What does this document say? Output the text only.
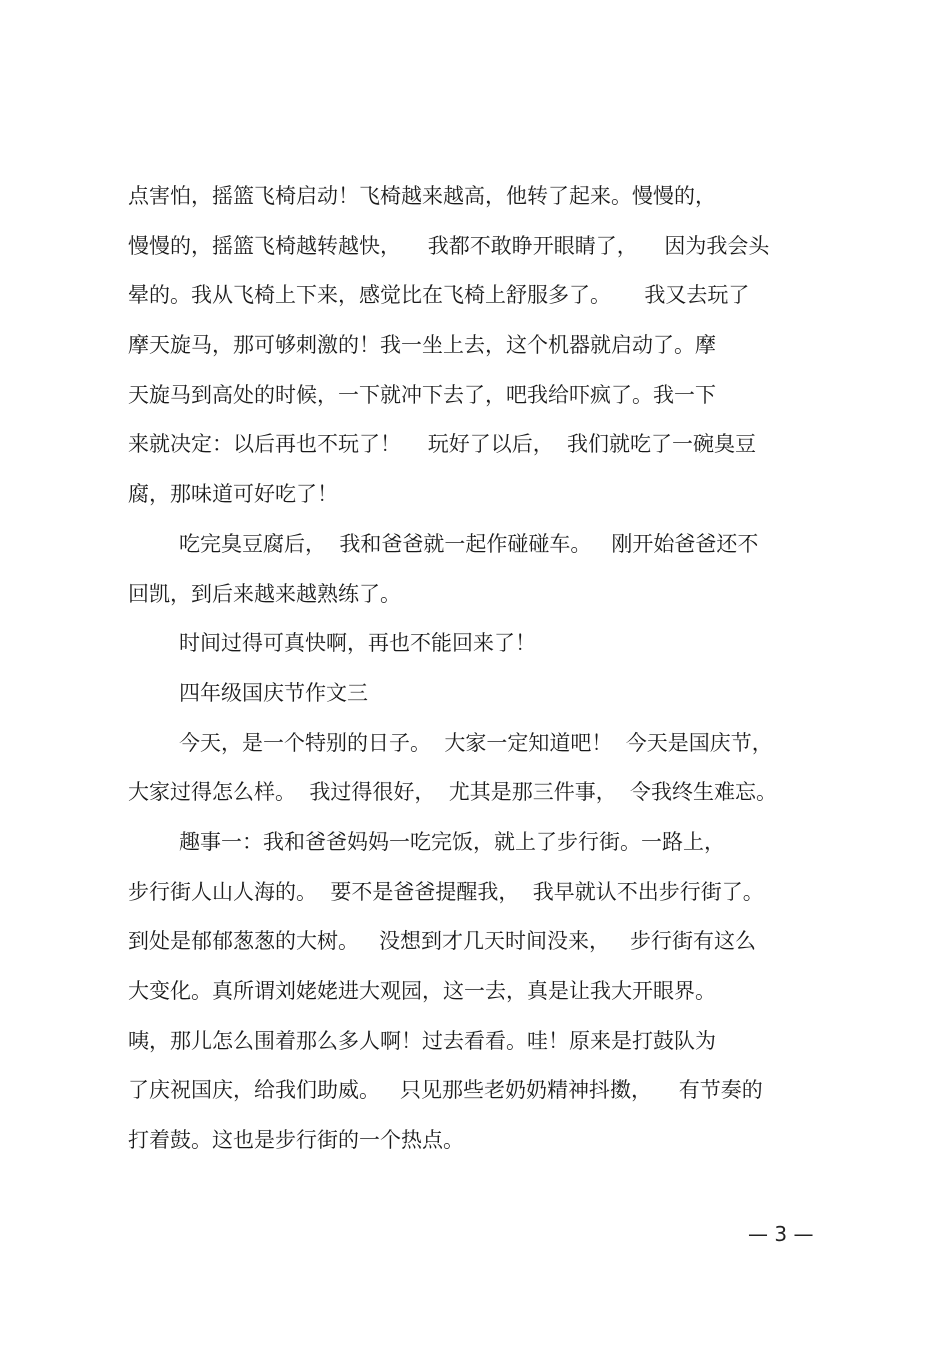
点害怕，摇篮飞椅启动！飞椅越来越高，他转了起来。慢慢的，
慢慢的，摇篮飞椅越转越快，    我都不敢睁开眼睛了，    因为我会头
晕的。我从飞椅上下来，感觉比在飞椅上舒服多了。     我又去玩了
摩天旋马，那可够刺激的！我一坐上去，这个机器就启动了。摩
天旋马到高处的时候，一下就冲下去了，吧我给吓疯了。我一下
来就决定：以后再也不玩了！    玩好了以后，  我们就吃了一碗臭豆
腐，那味道可好吃了！
吃完臭豆腐后，  我和爸爸就一起作碰碰车。   刚开始爸爸还不
回凯，到后来越来越熟练了。
时间过得可真快啊，再也不能回来了！
四年级国庆节作文三
今天，是一个特别的日子。  大家一定知道吧！  今天是国庆节，
大家过得怎么样。  我过得很好，  尤其是那三件事，  令我终生难忘。
趣事一：我和爸爸妈妈一吃完饭，就上了步行街。一路上，
步行街人山人海的。  要不是爸爸提醒我，  我早就认不出步行街了。
到处是郁郁葱葱的大树。   没想到才几天时间没来，   步行街有这么
大变化。真所谓刘姥姥进大观园，这一去，真是让我大开眼界。
咦，那儿怎么围着那么多人啊！过去看看。哇！原来是打鼓队为
了庆祝国庆，给我们助威。   只见那些老奶奶精神抖擞，    有节奏的
打着鼓。这也是步行街的一个热点。
— 3 —
